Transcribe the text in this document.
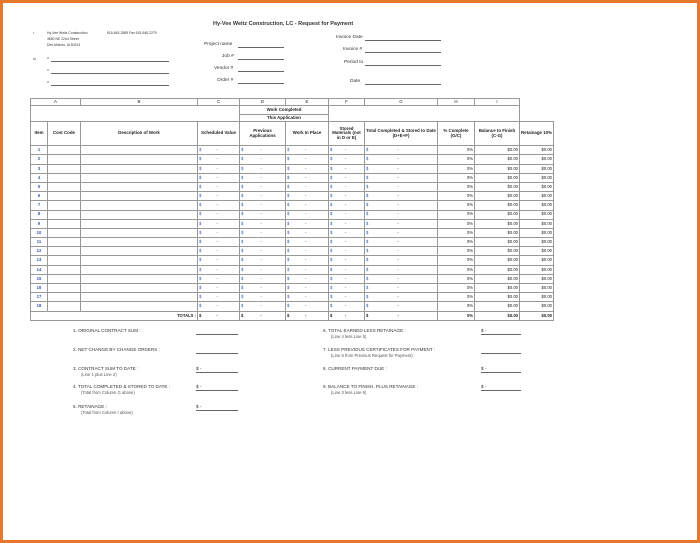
Hy-Vee Weitz Construction, LC - Request for Payment
•	Hy-Vee Weitz Construction	515-645-2589 Fax 515-645-2279
3650 NE 22nd Street
Des Moines, IA 50313
to	o
o
o
Project name
Job #
Vendor #
Order #
Invoice Date
Invoice #
Period to
Date
A		B	C	D	E	F	G	H	I	
				Work Completed						
				This Application						
Item	Cost Code	Description of Work	Scheduled Value	Previous Applications	Work In Place	Stored Materials (not in D or E)	Total Completed & Stored to Date (D+E+F)	% Complete (G/C)	Balance to Finish (C-G)	Retainage 10%
1			$ -	$ -	$ -	$ -	$ -	0%	$0.00	$0.00
2			$ -	$ -	$ -	$ -	$ -	0%	$0.00	$0.00
3			$ -	$ -	$ -	$ -	$ -	0%	$0.00	$0.00
4			$ -	$ -	$ -	$ -	$ -	0%	$0.00	$0.00
5			$ -	$ -	$ -	$ -	$ -	0%	$0.00	$0.00
6			$ -	$ -	$ -	$ -	$ -	0%	$0.00	$0.00
7			$ -	$ -	$ -	$ -	$ -	0%	$0.00	$0.00
8			$ -	$ -	$ -	$ -	$ -	0%	$0.00	$0.00
9			$ -	$ -	$ -	$ -	$ -	0%	$0.00	$0.00
10			$ -	$ -	$ -	$ -	$ -	0%	$0.00	$0.00
11			$ -	$ -	$ -	$ -	$ -	0%	$0.00	$0.00
12			$ -	$ -	$ -	$ -	$ -	0%	$0.00	$0.00
13			$ -	$ -	$ -	$ -	$ -	0%	$0.00	$0.00
14			$ -	$ -	$ -	$ -	$ -	0%	$0.00	$0.00
15			$ -	$ -	$ -	$ -	$ -	0%	$0.00	$0.00
16			$ -	$ -	$ -	$ -	$ -	0%	$0.00	$0.00
17			$ -	$ -	$ -	$ -	$ -	0%	$0.00	$0.00
18			$ -	$ -	$ -	$ -	$ -	0%	$0.00	$0.00
TOTALS :			$ -	$ -	$ -	$ -	$ -	0%	$0.00	$0.00
1. ORIGINAL CONTRACT SUM :
2. NET CHANGE BY CHANGE ORDERS :
3. CONTRACT SUM TO DATE :
(Line 1 plus Line 2)
$ -
4. TOTAL COMPLETED & STORED TO DATE :
(Total from Column G above)
$ -
5. RETAINAGE :
(Total from Column I above)
$ -
6. TOTAL EARNED LESS RETAINAGE :
(Line 4 less Line 5)
$ -
7. LESS PREVIOUS CERTIFICATES FOR PAYMENT :
(Line 6 from Previous Request for Payment)
8. CURRENT PAYMENT DUE :	$ -
9. BALANCE TO FINISH, PLUS RETAINAGE :
(Line 3 less Line 6)
$ -
